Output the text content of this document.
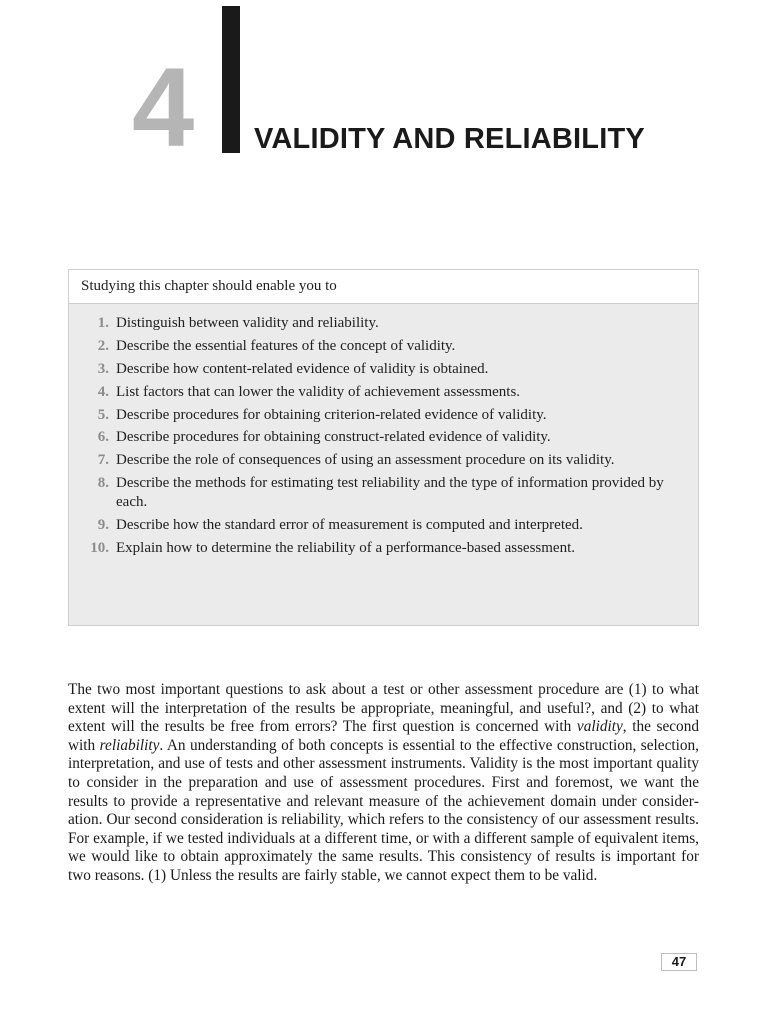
4 VALIDITY AND RELIABILITY
Studying this chapter should enable you to
1. Distinguish between validity and reliability.
2. Describe the essential features of the concept of validity.
3. Describe how content-related evidence of validity is obtained.
4. List factors that can lower the validity of achievement assessments.
5. Describe procedures for obtaining criterion-related evidence of validity.
6. Describe procedures for obtaining construct-related evidence of validity.
7. Describe the role of consequences of using an assessment procedure on its validity.
8. Describe the methods for estimating test reliability and the type of information provided by each.
9. Describe how the standard error of measurement is computed and interpreted.
10. Explain how to determine the reliability of a performance-based assessment.

The two most important questions to ask about a test or other assessment procedure are (1) to what extent will the interpretation of the results be appropriate, meaningful, and useful?, and (2) to what extent will the results be free from errors? The first question is concerned with validity, the second with reliability. An understanding of both concepts is essential to the effective construction, selection, interpretation, and use of tests and other assessment instruments. Validity is the most important quality to consider in the preparation and use of assessment procedures. First and foremost, we want the results to provide a representative and relevant measure of the achievement domain under consideration. Our second consideration is reliability, which refers to the consistency of our assessment results. For example, if we tested individuals at a different time, or with a different sample of equivalent items, we would like to obtain approximately the same results. This consistency of results is important for two reasons. (1) Unless the results are fairly stable, we cannot expect them to be valid.

47
